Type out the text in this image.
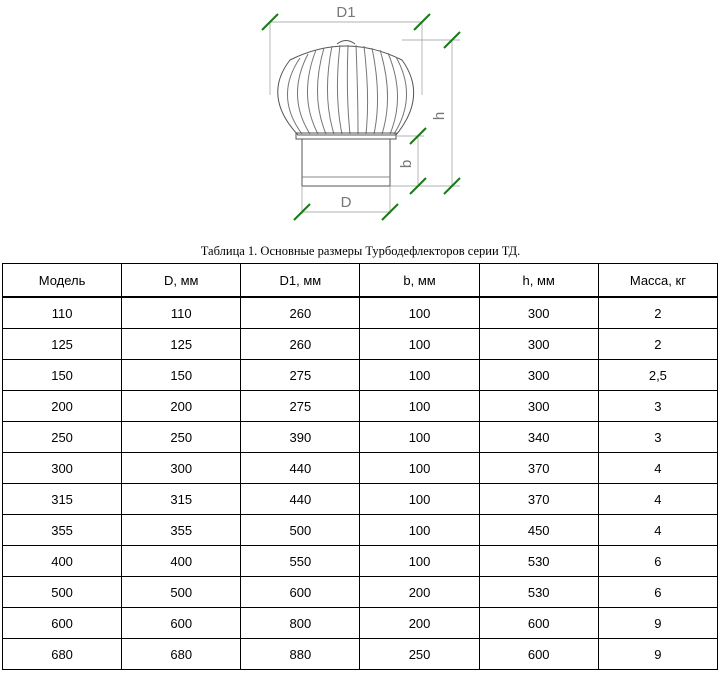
D1
D
b
h
Таблица 1. Основные размеры Турбодефлекторов серии ТД.
Модель	D, мм	D1, мм	b, мм	h, мм	Масса, кг
110	110	260	100	300	2
125	125	260	100	300	2
150	150	275	100	300	2,5
200	200	275	100	300	3
250	250	390	100	340	3
300	300	440	100	370	4
315	315	440	100	370	4
355	355	500	100	450	4
400	400	550	100	530	6
500	500	600	200	530	6
600	600	800	200	600	9
680	680	880	250	600	9
